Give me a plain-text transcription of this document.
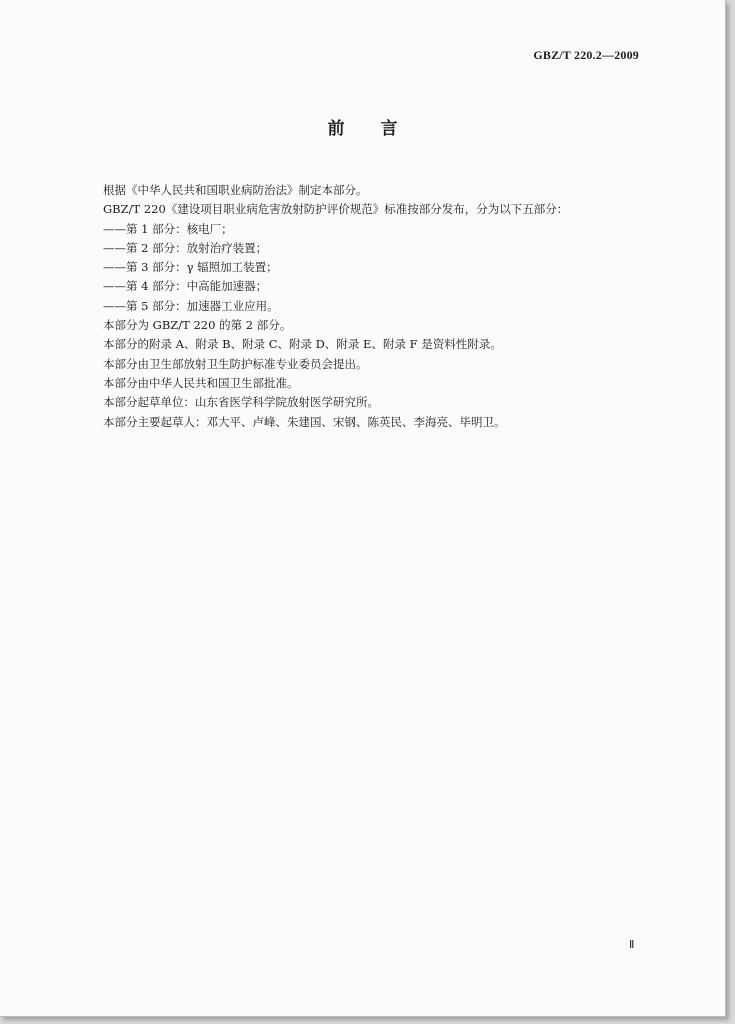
GBZ/T 220.2—2009
前言

根据《中华人民共和国职业病防治法》制定本部分。

GBZ/T 220《建设项目职业病危害放射防护评价规范》标准按部分发布，分为以下五部分：

——第 1 部分：核电厂；

——第 2 部分：放射治疗装置；

——第 3 部分：γ 辐照加工装置；

——第 4 部分：中高能加速器；

——第 5 部分：加速器工业应用。

本部分为 GBZ/T 220 的第 2 部分。

本部分的附录 A、附录 B、附录 C、附录 D、附录 E、附录 F 是资料性附录。

本部分由卫生部放射卫生防护标准专业委员会提出。

本部分由中华人民共和国卫生部批准。

本部分起草单位：山东省医学科学院放射医学研究所。

本部分主要起草人：邓大平、卢峰、朱建国、宋钢、陈英民、李海亮、毕明卫。

Ⅱ
